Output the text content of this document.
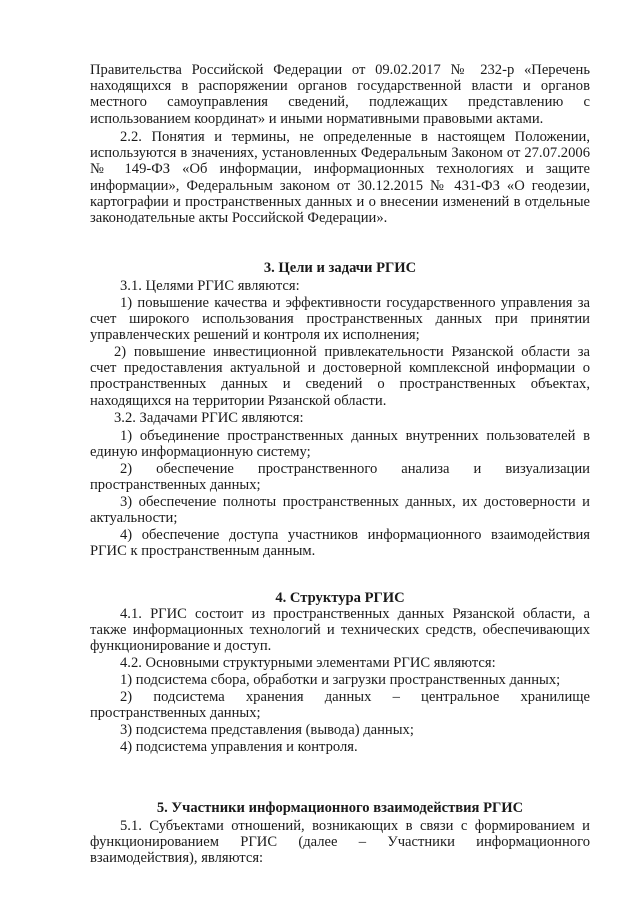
Правительства Российской Федерации от 09.02.2017 № 232-р «Перечень находящихся в распоряжении органов государственной власти и органов местного самоуправления сведений, подлежащих представлению с использованием координат» и иными нормативными правовыми актами.

2.2. Понятия и термины, не определенные в настоящем Положении, используются в значениях, установленных Федеральным Законом от 27.07.2006 № 149-ФЗ «Об информации, информационных технологиях и защите информации», Федеральным законом от 30.12.2015 № 431-ФЗ «О геодезии, картографии и пространственных данных и о внесении изменений в отдельные законодательные акты Российской Федерации».

3. Цели и задачи РГИС

3.1. Целями РГИС являются:

1) повышение качества и эффективности государственного управления за счет широкого использования пространственных данных при принятии управленческих решений и контроля их исполнения;

2) повышение инвестиционной привлекательности Рязанской области за счет предоставления актуальной и достоверной комплексной информации о пространственных данных и сведений о пространственных объектах, находящихся на территории Рязанской области.

3.2. Задачами РГИС являются:

1) объединение пространственных данных внутренних пользователей в единую информационную систему;

2) обеспечение пространственного анализа и визуализации пространственных данных;

3) обеспечение полноты пространственных данных, их достоверности и актуальности;

4) обеспечение доступа участников информационного взаимодействия РГИС к пространственным данным.

4. Структура РГИС

4.1. РГИС состоит из пространственных данных Рязанской области, а также информационных технологий и технических средств, обеспечивающих функционирование и доступ.

4.2. Основными структурными элементами РГИС являются:

1) подсистема сбора, обработки и загрузки пространственных данных;

2) подсистема хранения данных – центральное хранилище пространственных данных;

3) подсистема представления (вывода) данных;

4) подсистема управления и контроля.

5. Участники информационного взаимодействия РГИС

5.1. Субъектами отношений, возникающих в связи с формированием и функционированием РГИС (далее – Участники информационного взаимодействия), являются:
